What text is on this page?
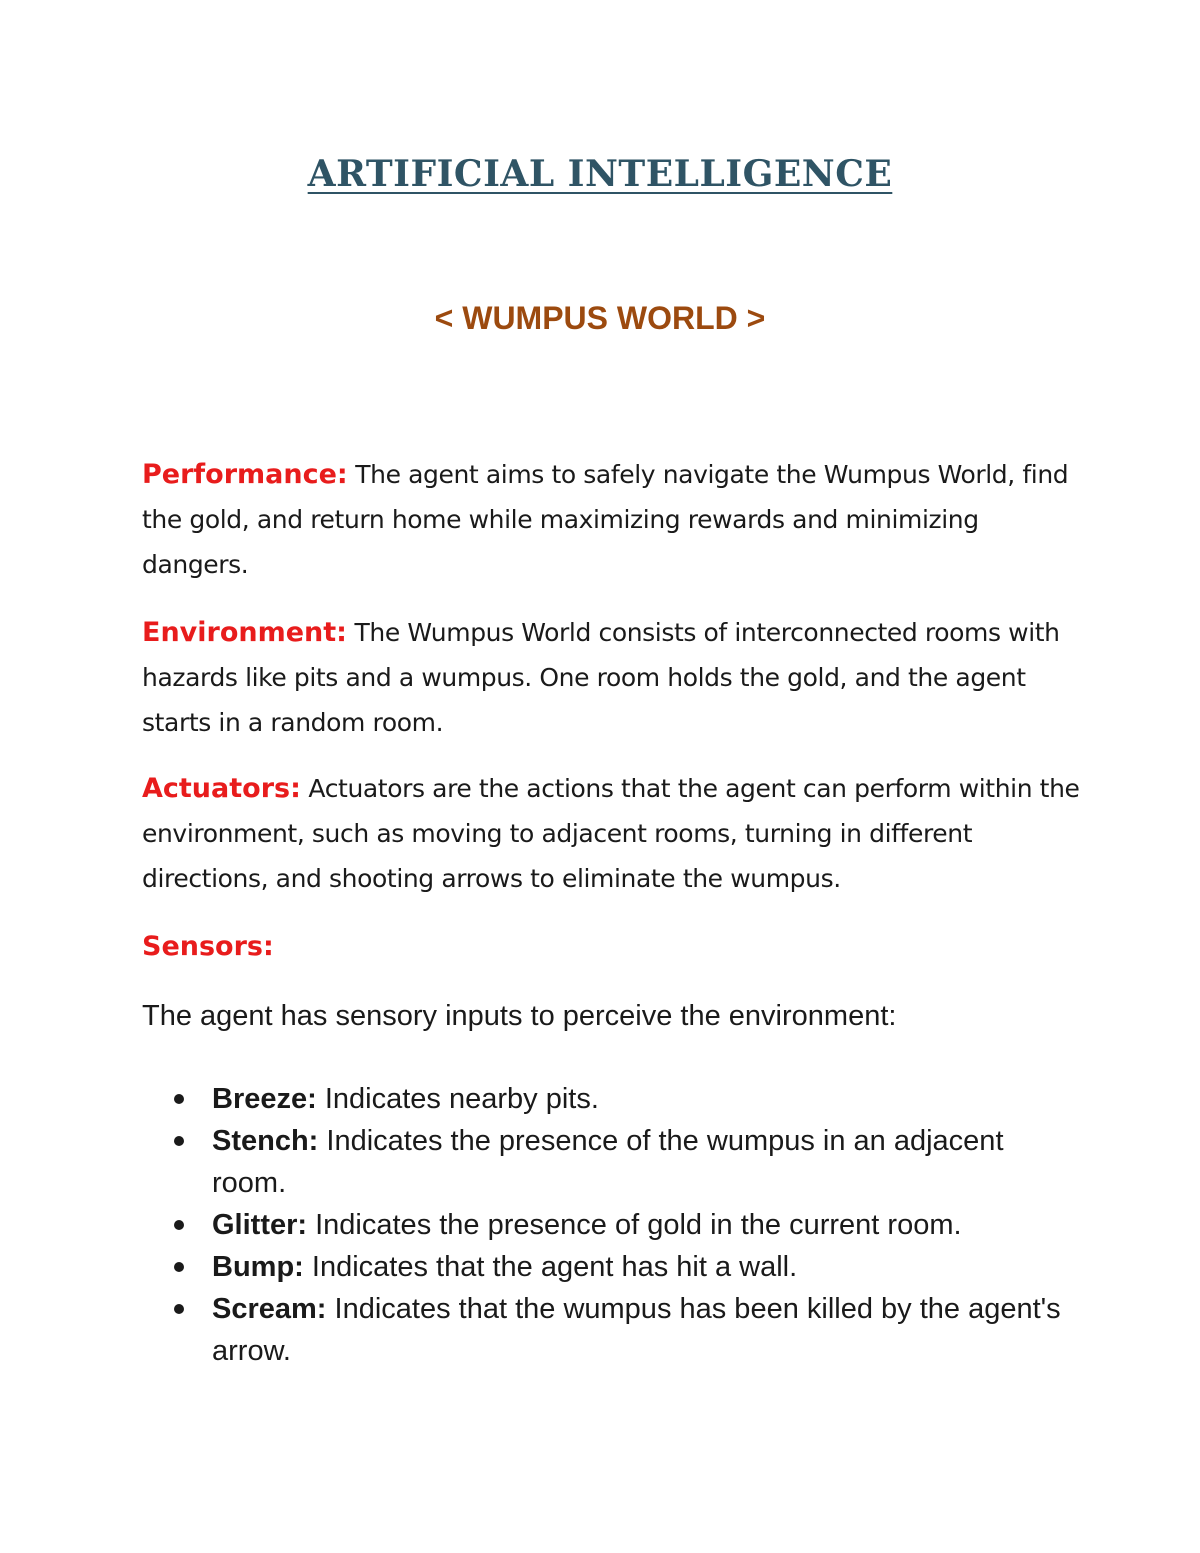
ARTIFICIAL INTELLIGENCE
< WUMPUS WORLD >
Performance: The agent aims to safely navigate the Wumpus World, find the gold, and return home while maximizing rewards and minimizing dangers.
Environment: The Wumpus World consists of interconnected rooms with hazards like pits and a wumpus. One room holds the gold, and the agent starts in a random room.
Actuators: Actuators are the actions that the agent can perform within the environment, such as moving to adjacent rooms, turning in different directions, and shooting arrows to eliminate the wumpus.
Sensors:
The agent has sensory inputs to perceive the environment:
Breeze: Indicates nearby pits.
Stench: Indicates the presence of the wumpus in an adjacent room.
Glitter: Indicates the presence of gold in the current room.
Bump: Indicates that the agent has hit a wall.
Scream: Indicates that the wumpus has been killed by the agent's arrow.
